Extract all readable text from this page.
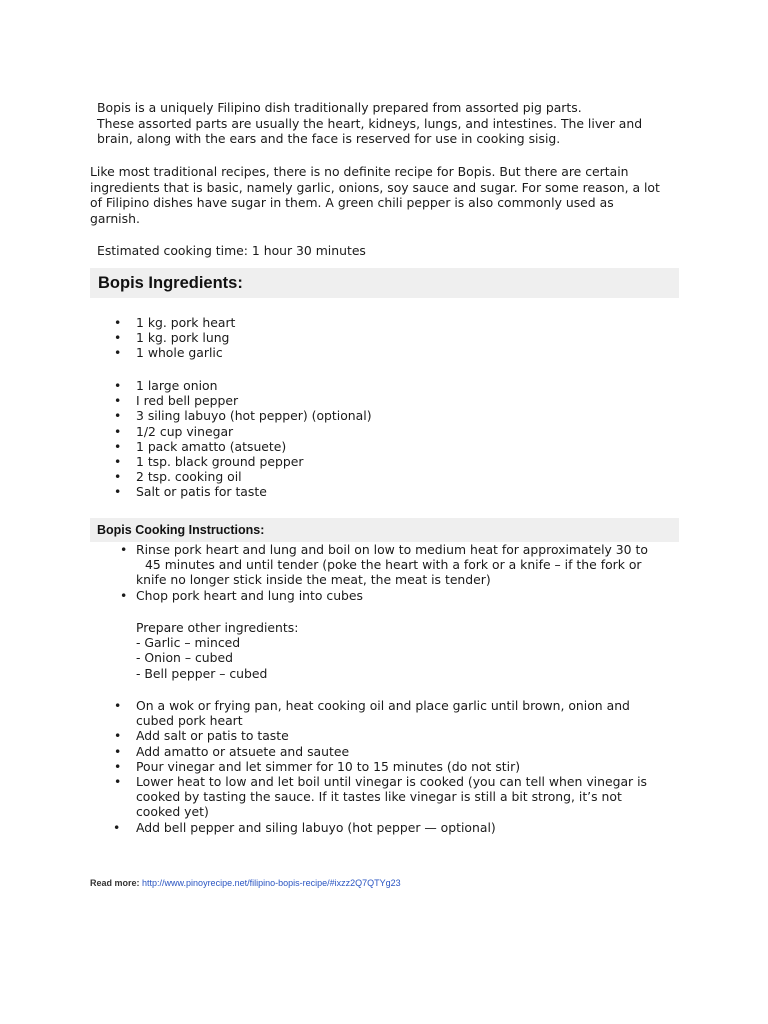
Bopis is a uniquely Filipino dish traditionally prepared from assorted pig parts.
These assorted parts are usually the heart, kidneys, lungs, and intestines. The liver and
brain, along with the ears and the face is reserved for use in cooking sisig.
Like most traditional recipes, there is no definite recipe for Bopis. But there are certain
ingredients that is basic, namely garlic, onions, soy sauce and sugar. For some reason, a lot
of Filipino dishes have sugar in them. A green chili pepper is also commonly used as
garnish.
Estimated cooking time: 1 hour 30 minutes
Bopis Ingredients:
• 1 kg. pork heart
• 1 kg. pork lung
• 1 whole garlic
• 1 large onion
• I red bell pepper
• 3 siling labuyo (hot pepper) (optional)
• 1/2 cup vinegar
• 1 pack amatto (atsuete)
• 1 tsp. black ground pepper
• 2 tsp. cooking oil
• Salt or patis for taste
Bopis Cooking Instructions:
• Rinse pork heart and lung and boil on low to medium heat for approximately 30 to
45 minutes and until tender (poke the heart with a fork or a knife – if the fork or
knife no longer stick inside the meat, the meat is tender)
• Chop pork heart and lung into cubes
Prepare other ingredients:
- Garlic – minced
- Onion – cubed
- Bell pepper – cubed
• On a wok or frying pan, heat cooking oil and place garlic until brown, onion and
cubed pork heart
• Add salt or patis to taste
• Add amatto or atsuete and sautee
• Pour vinegar and let simmer for 10 to 15 minutes (do not stir)
• Lower heat to low and let boil until vinegar is cooked (you can tell when vinegar is
cooked by tasting the sauce. If it tastes like vinegar is still a bit strong, it’s not
cooked yet)
• Add bell pepper and siling labuyo (hot pepper — optional)
Read more: http://www.pinoyrecipe.net/filipino-bopis-recipe/#ixzz2Q7QTYg23
